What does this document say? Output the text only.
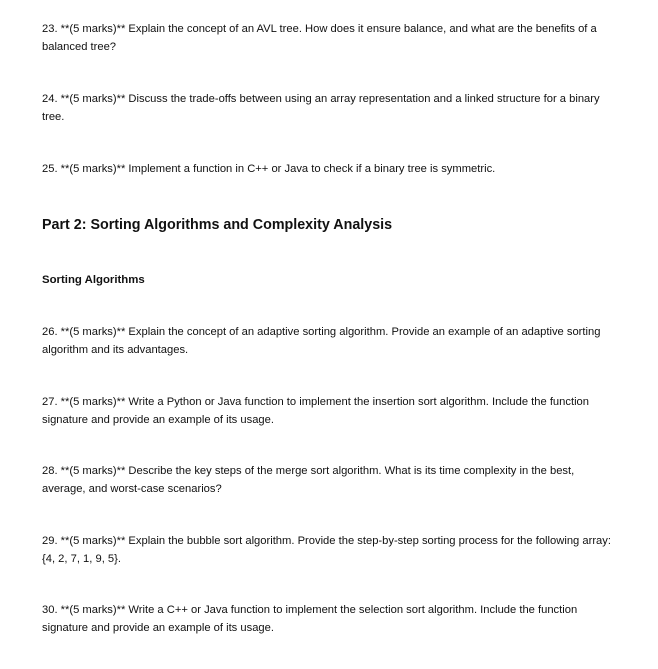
23. **(5 marks)** Explain the concept of an AVL tree. How does it ensure balance, and what are the benefits of a balanced tree?

24. **(5 marks)** Discuss the trade-offs between using an array representation and a linked structure for a binary tree.

25. **(5 marks)** Implement a function in C++ or Java to check if a binary tree is symmetric.

Part 2: Sorting Algorithms and Complexity Analysis
Sorting Algorithms

26. **(5 marks)** Explain the concept of an adaptive sorting algorithm. Provide an example of an adaptive sorting algorithm and its advantages.

27. **(5 marks)** Write a Python or Java function to implement the insertion sort algorithm. Include the function signature and provide an example of its usage.

28. **(5 marks)** Describe the key steps of the merge sort algorithm. What is its time complexity in the best, average, and worst-case scenarios?

29. **(5 marks)** Explain the bubble sort algorithm. Provide the step-by-step sorting process for the following array: {4, 2, 7, 1, 9, 5}.

30. **(5 marks)** Write a C++ or Java function to implement the selection sort algorithm. Include the function signature and provide an example of its usage.
